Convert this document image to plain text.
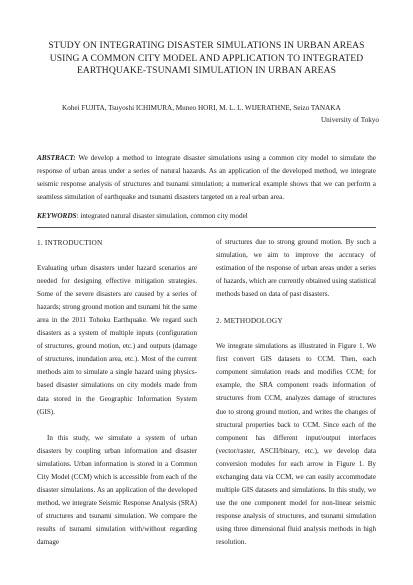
STUDY ON INTEGRATING DISASTER SIMULATIONS IN URBAN AREAS
USING A COMMON CITY MODEL AND APPLICATION TO INTEGRATED
EARTHQUAKE-TSUNAMI SIMULATION IN URBAN AREAS
Kohei FUJITA, Tsuyoshi ICHIMURA, Muneo HORI, M. L. L. WIJERATHNE, Seizo TANAKA
University of Tokyo
ABSTRACT: We develop a method to integrate disaster simulations using a common city model to simulate the response of urban areas under a series of natural hazards. As an application of the developed method, we integrate seismic response analysis of structures and tsunami simulation; a numerical example shows that we can perform a seamless simulation of earthquake and tsunami disasters targeted on a real urban area.
KEYWORDS: integrated natural disaster simulation, common city model

1. INTRODUCTION

Evaluating urban disasters under hazard scenarios are needed for designing effective mitigation strategies. Some of the severe disasters are caused by a series of hazards; strong ground motion and tsunami hit the same area in the 2011 Tohoku Earthquake. We regard such disasters as a system of multiple inputs (configuration of structures, ground motion, etc.) and outputs (damage of structures, inundation area, etc.). Most of the current methods aim to simulate a single hazard using physics-based disaster simulations on city models made from data stored in the Geographic Information System (GIS).

In this study, we simulate a system of urban disasters by coupling urban information and disaster simulations. Urban information is stored in a Common City Model (CCM) which is accessible from each of the disaster simulations. As an application of the developed method, we integrate Seismic Response Analysis (SRA) of structures and tsunami simulation. We compare the results of tsunami simulation with/without regarding damage

of structures due to strong ground motion. By such a simulation, we aim to improve the accuracy of estimation of the response of urban areas under a series of hazards, which are currently obtained using statistical methods based on data of past disasters.

2. METHODOLOGY

We integrate simulations as illustrated in Figure 1. We first convert GIS datasets to CCM. Then, each component simulation reads and modifies CCM; for example, the SRA component reads information of structures from CCM, analyzes damage of structures due to strong ground motion, and writes the changes of structural properties back to CCM. Since each of the component has different input/output interfaces (vector/raster, ASCII/binary, etc.), we develop data conversion modules for each arrow in Figure 1. By exchanging data via CCM, we can easily accommodate multiple GIS datasets and simulations. In this study, we use the one component model for non-linear seismic response analysis of structures, and tsunami simulation using three dimensional fluid analysis methods in high resolution.
